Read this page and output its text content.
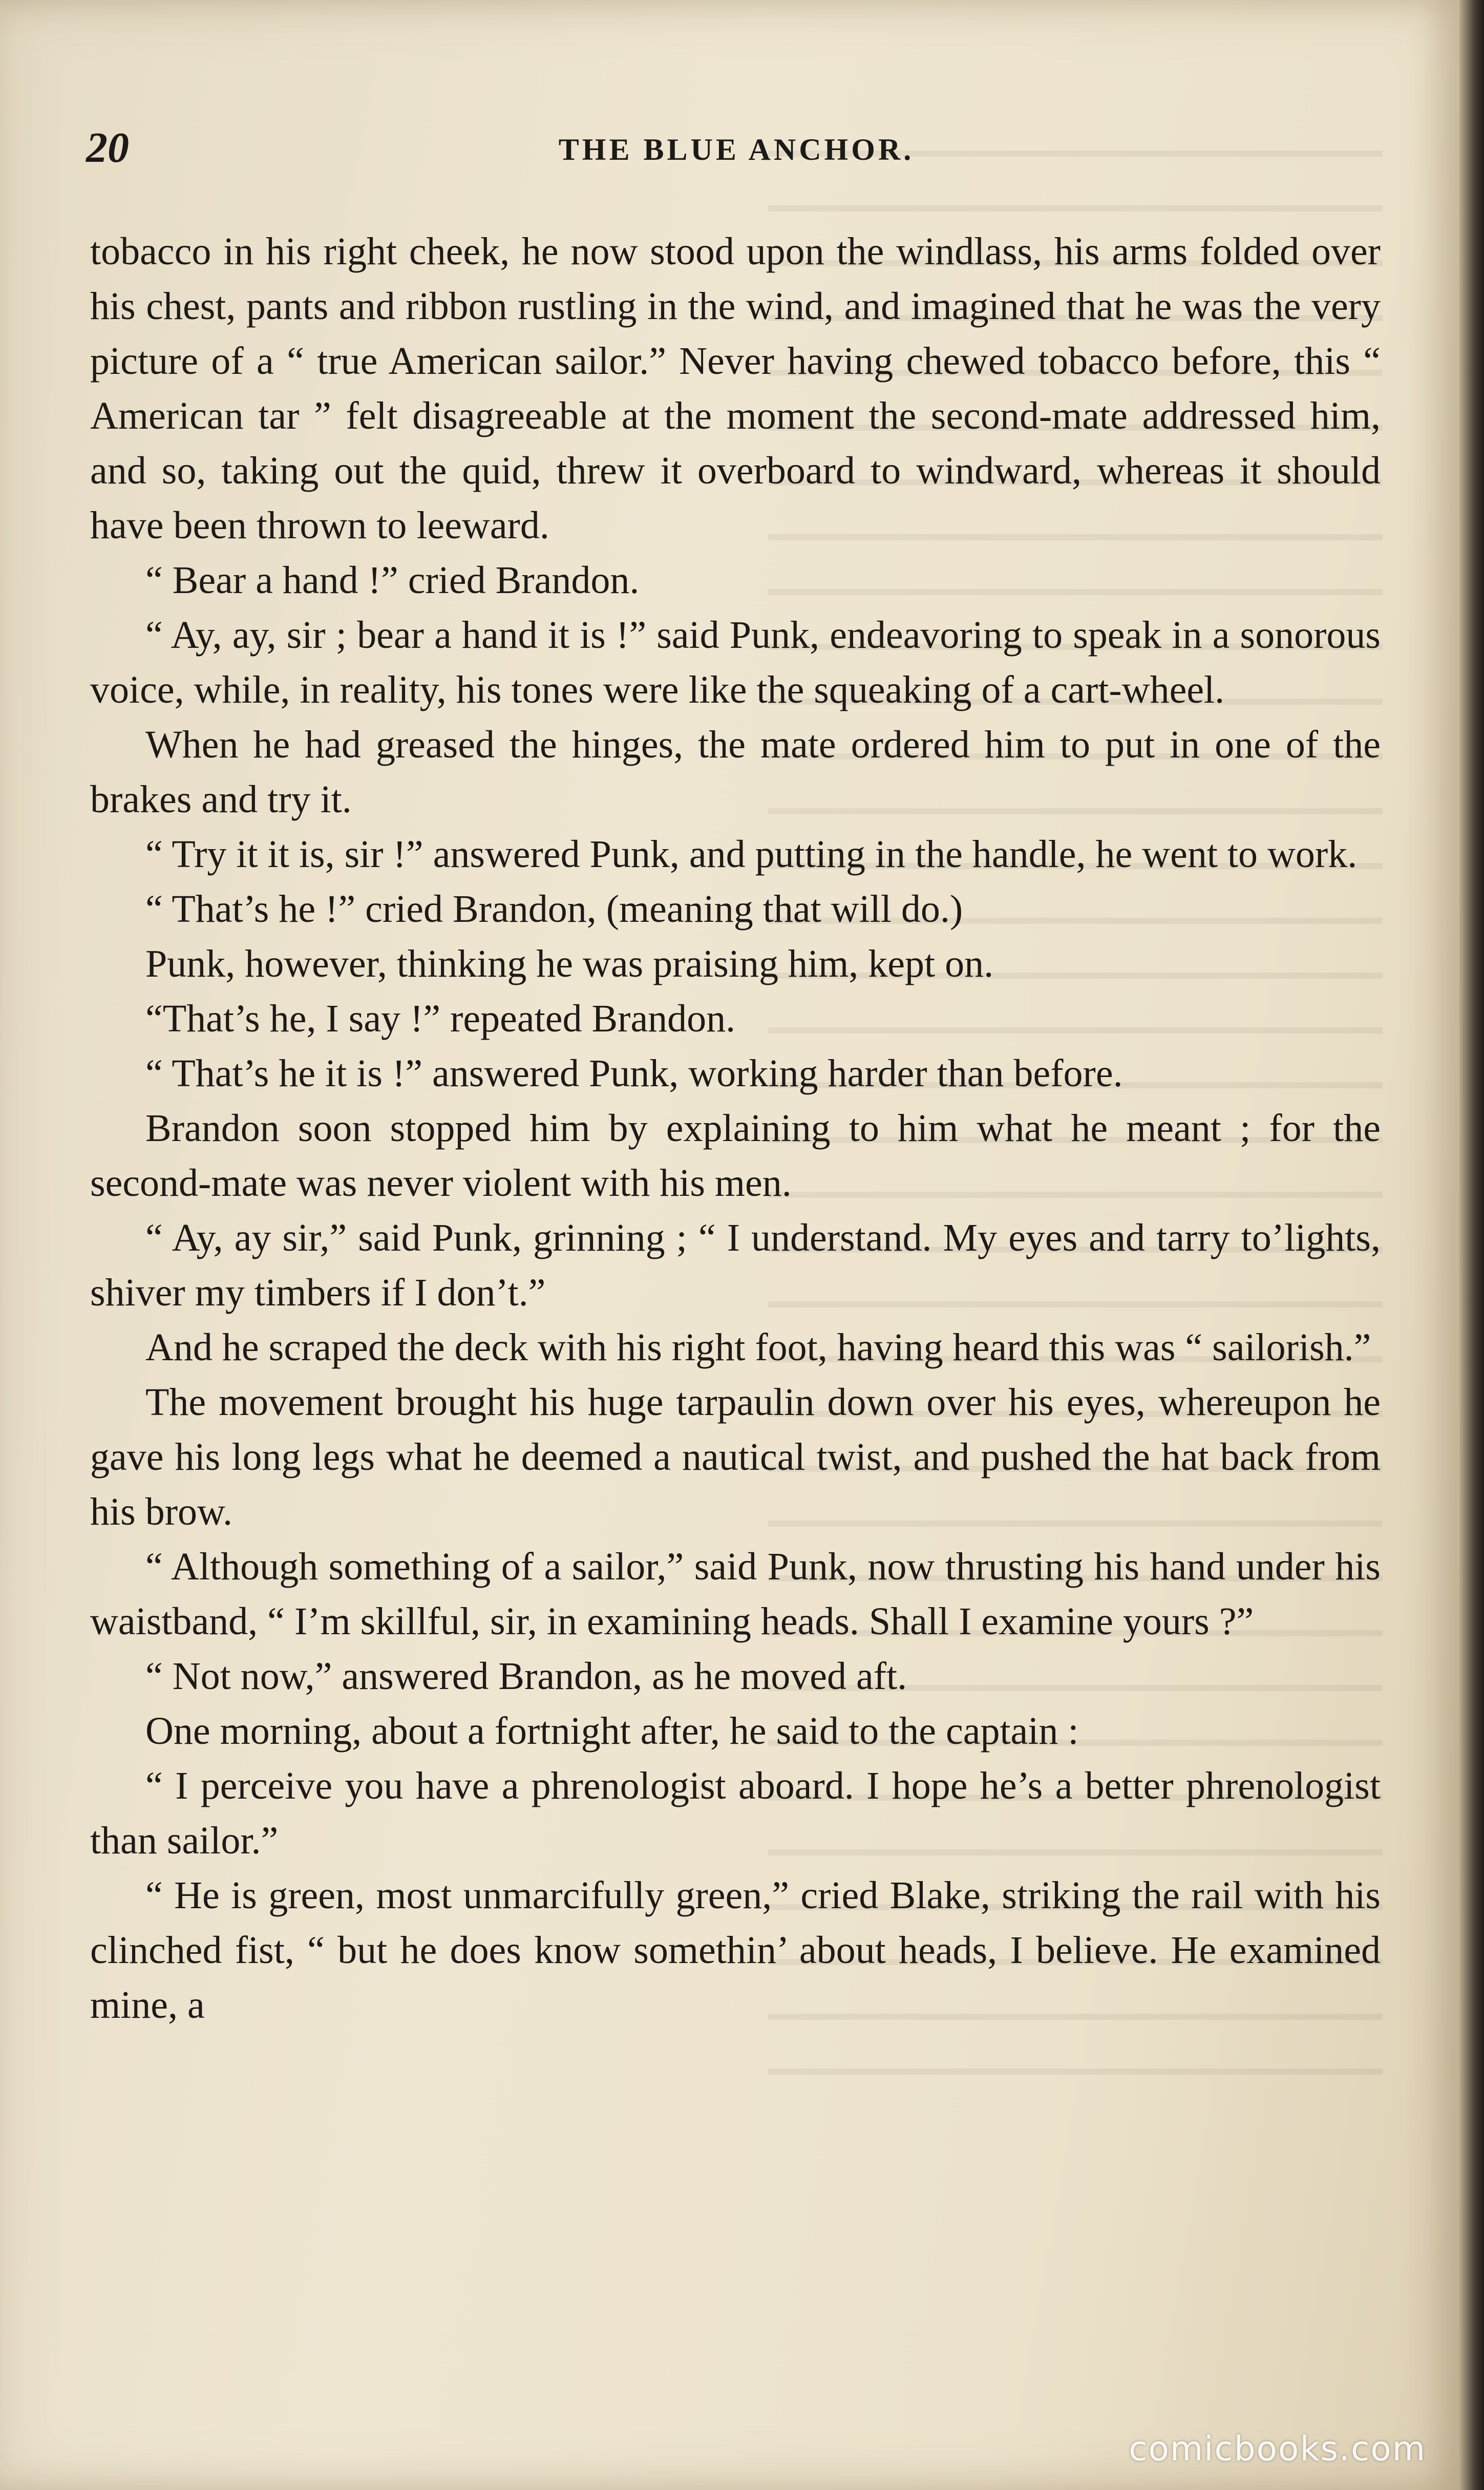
20	THE BLUE ANCHOR.

tobacco in his right cheek, he now stood upon the windlass, his arms folded over his chest, pants and ribbon rustling in the wind, and imagined that he was the very picture of a “ true American sailor.” Never having chewed tobacco before, this “ American tar ” felt disagreeable at the moment the second-mate addressed him, and so, taking out the quid, threw it overboard to windward, whereas it should have been thrown to leeward.

“ Bear a hand !” cried Brandon.

“ Ay, ay, sir ; bear a hand it is !” said Punk, endeavoring to speak in a sonorous voice, while, in reality, his tones were like the squeaking of a cart-wheel.

When he had greased the hinges, the mate ordered him to put in one of the brakes and try it.

“ Try it it is, sir !” answered Punk, and putting in the handle, he went to work.

“ That’s he !” cried Brandon, (meaning that will do.)

Punk, however, thinking he was praising him, kept on.

“That’s he, I say !” repeated Brandon.

“ That’s he it is !” answered Punk, working harder than before.

Brandon soon stopped him by explaining to him what he meant ; for the second-mate was never violent with his men.

“ Ay, ay sir,” said Punk, grinning ; “ I understand. My eyes and tarry to’lights, shiver my timbers if I don’t.”

And he scraped the deck with his right foot, having heard this was “ sailorish.”

The movement brought his huge tarpaulin down over his eyes, whereupon he gave his long legs what he deemed a nautical twist, and pushed the hat back from his brow.

“ Although something of a sailor,” said Punk, now thrusting his hand under his waistband, “ I’m skillful, sir, in examining heads. Shall I examine yours ?”

“ Not now,” answered Brandon, as he moved aft.

One morning, about a fortnight after, he said to the captain :

“ I perceive you have a phrenologist aboard. I hope he’s a better phrenologist than sailor.”

“ He is green, most unmarcifully green,” cried Blake, striking the rail with his clinched fist, “ but he does know somethin’ about heads, I believe. He examined mine, a

comicbooks.com
